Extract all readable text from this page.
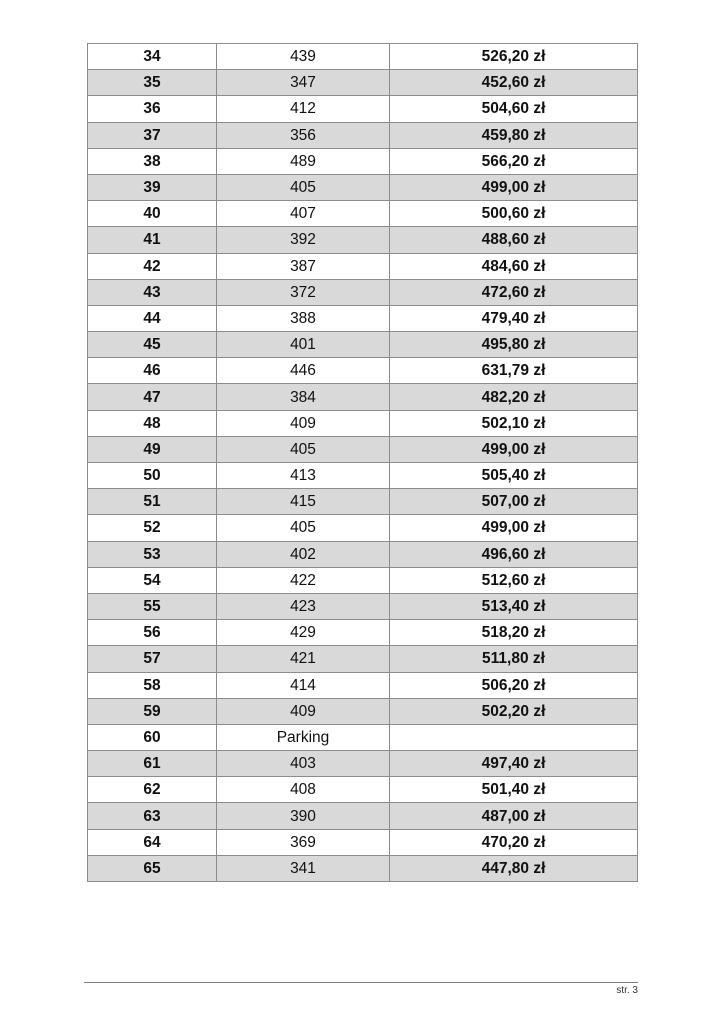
34	439	526,20 zł
35	347	452,60 zł
36	412	504,60 zł
37	356	459,80 zł
38	489	566,20 zł
39	405	499,00 zł
40	407	500,60 zł
41	392	488,60 zł
42	387	484,60 zł
43	372	472,60 zł
44	388	479,40 zł
45	401	495,80 zł
46	446	631,79 zł
47	384	482,20 zł
48	409	502,10 zł
49	405	499,00 zł
50	413	505,40 zł
51	415	507,00 zł
52	405	499,00 zł
53	402	496,60 zł
54	422	512,60 zł
55	423	513,40 zł
56	429	518,20 zł
57	421	511,80 zł
58	414	506,20 zł
59	409	502,20 zł
60	Parking	
61	403	497,40 zł
62	408	501,40 zł
63	390	487,00 zł
64	369	470,20 zł
65	341	447,80 zł
str. 3
